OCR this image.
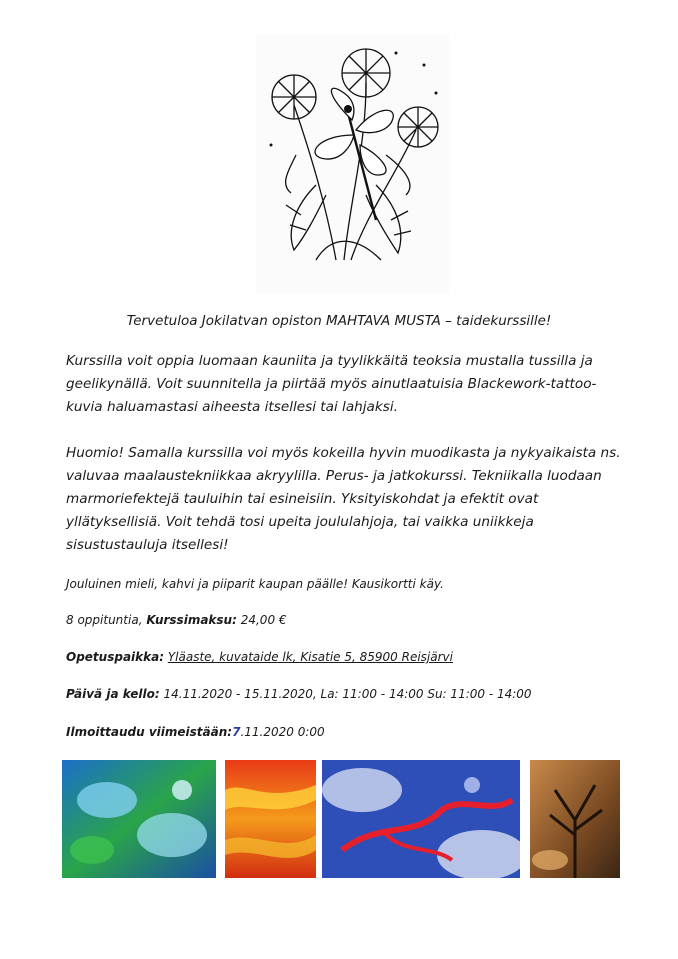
Tervetuloa Jokilatvan opiston MAHTAVA MUSTA – taidekurssille!
Kurssilla voit oppia luomaan kauniita ja tyylikkäitä teoksia mustalla tussilla ja geelikynällä. Voit suunnitella ja piirtää myös ainutlaatuisia Blackework-tattoo-kuvia haluamastasi aiheesta itsellesi tai lahjaksi.
Huomio! Samalla kurssilla voi myös kokeilla hyvin muodikasta ja nykyaikaista ns. valuvaa maalaustekniikkaa akryylilla. Perus- ja jatkokurssi. Tekniikalla luodaan marmoriefektejä tauluihin tai esineisiin. Yksityiskohdat ja efektit ovat yllätyksellisiä. Voit tehdä tosi upeita joululahjoja, tai vaikka uniikkeja sisustustauluja itsellesi!
Jouluinen mieli, kahvi ja piiparit kaupan päälle! Kausikortti käy.
8 oppituntia, Kurssimaksu: 24,00 €
Opetuspaikka: Yläaste, kuvataide lk, Kisatie 5, 85900 Reisjärvi
Päivä ja kello: 14.11.2020 - 15.11.2020, La: 11:00 - 14:00 Su: 11:00 - 14:00
Ilmoittaudu viimeistään:7.11.2020 0:00
